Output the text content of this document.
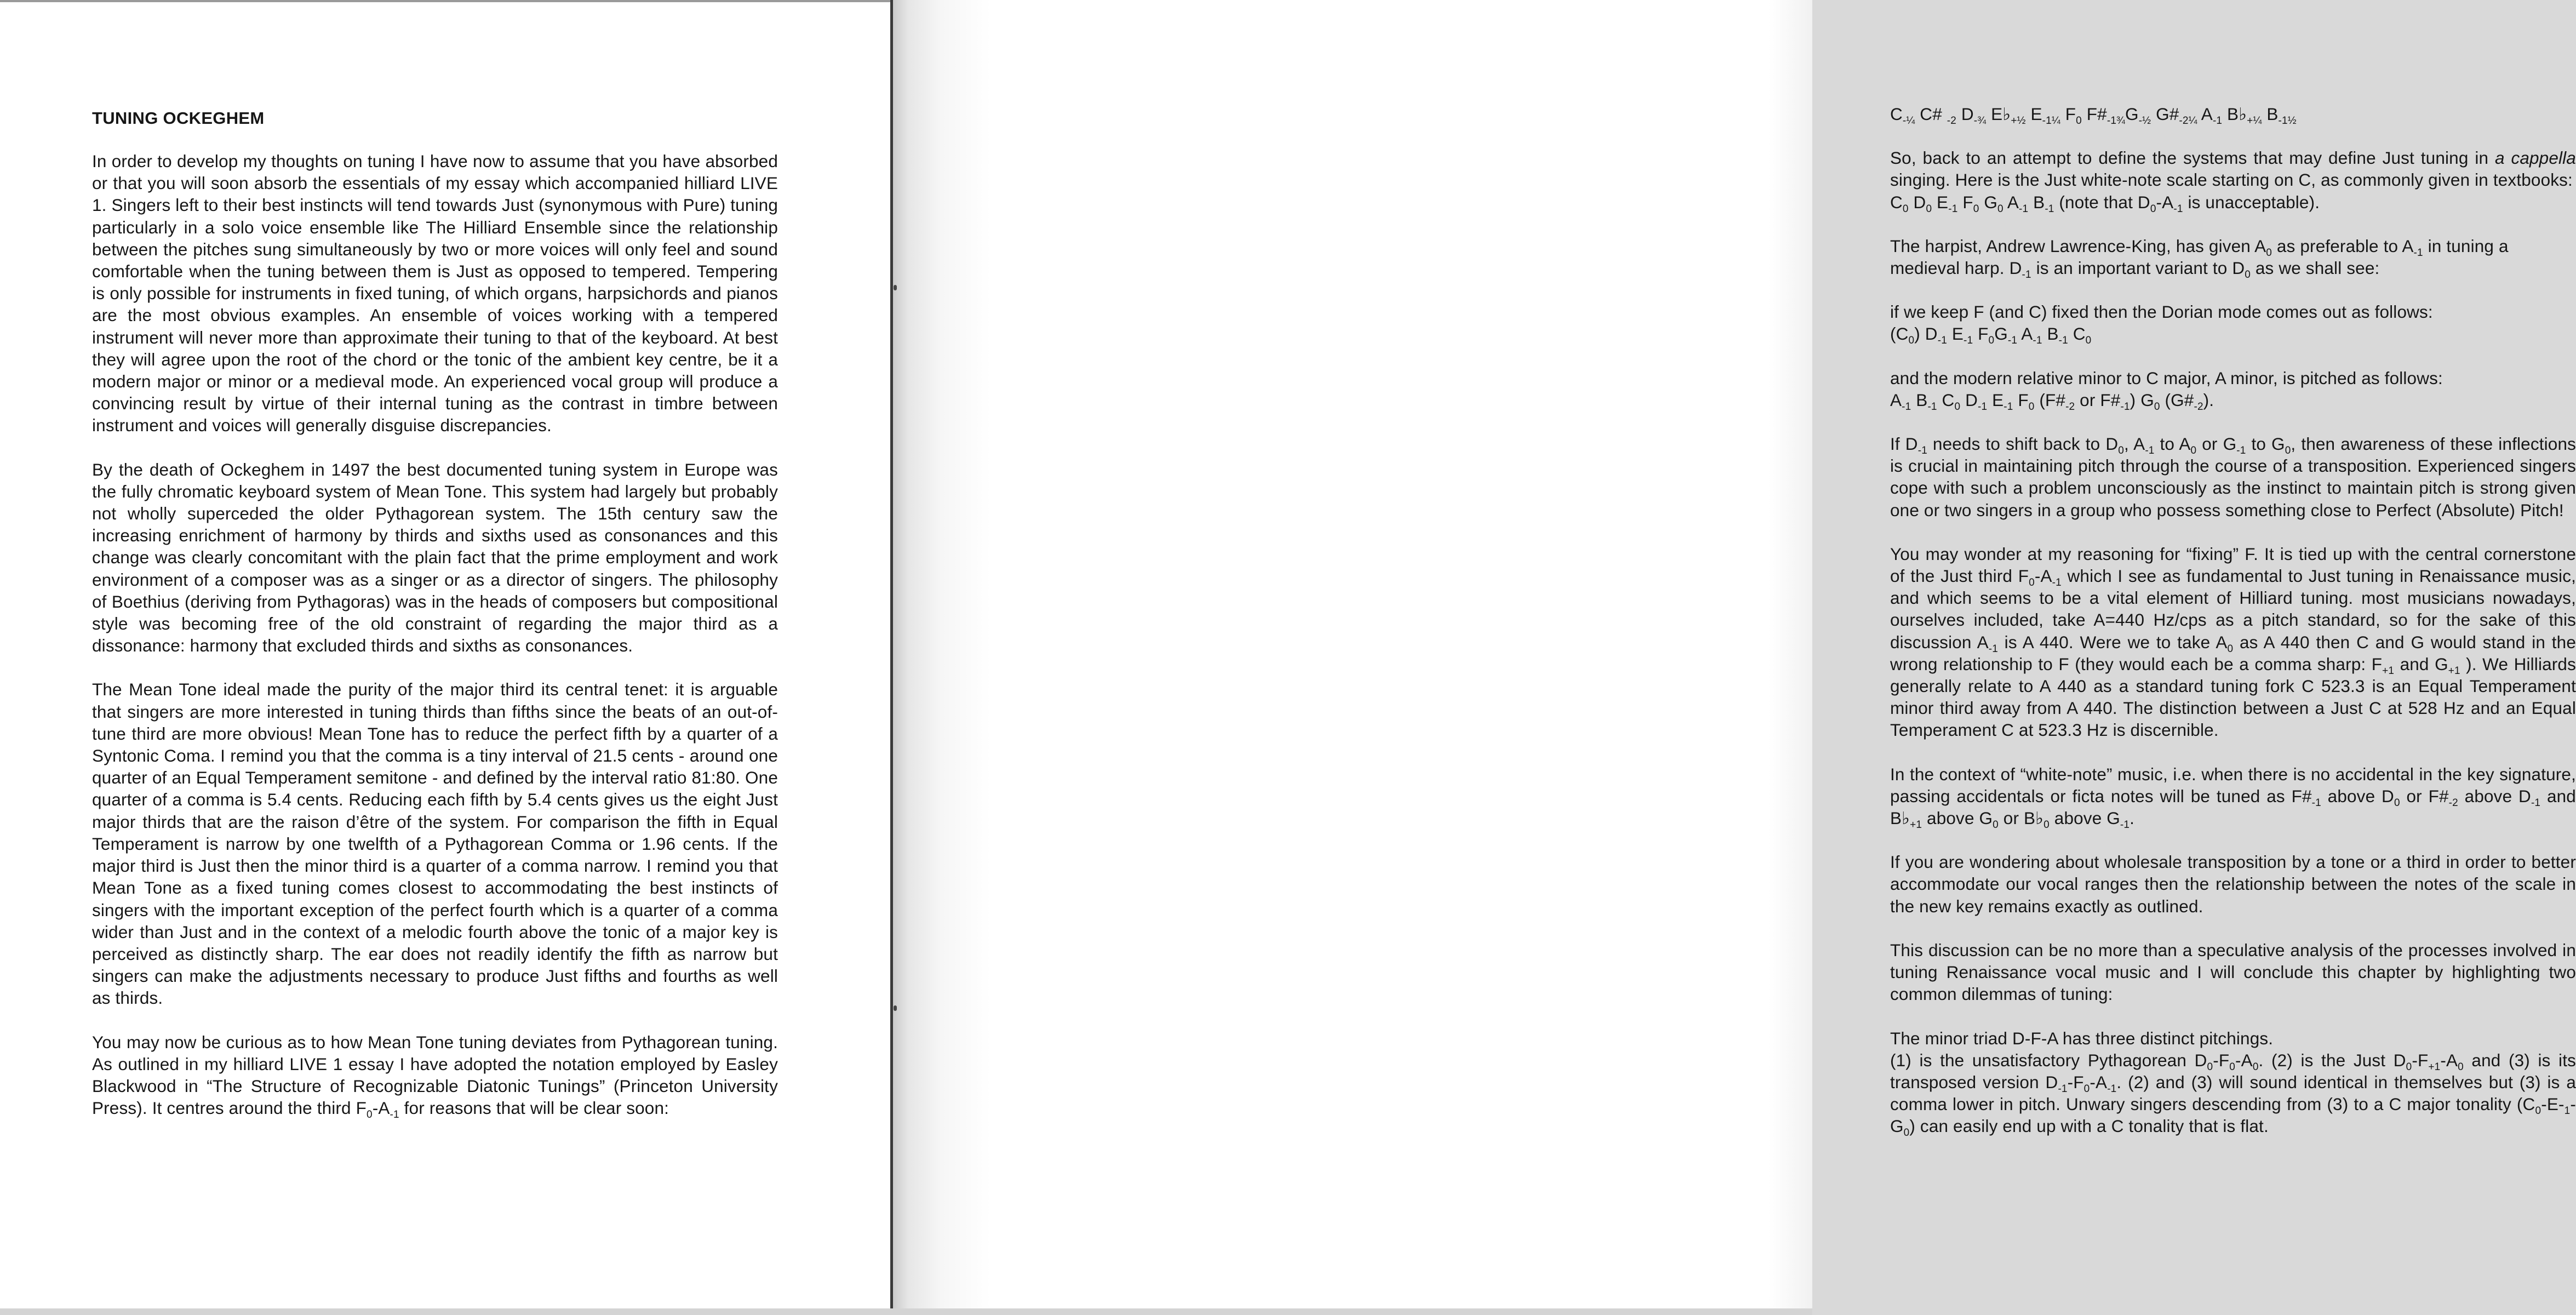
TUNING OCKEGHEM
In order to develop my thoughts on tuning I have now to assume that you have absorbed or that you will soon absorb the essentials of my essay which accompanied hilliard LIVE 1. Singers left to their best instincts will tend towards Just (synonymous with Pure) tuning particularly in a solo voice ensemble like The Hilliard Ensemble since the relationship between the pitches sung simultaneously by two or more voices will only feel and sound comfortable when the tuning between them is Just as opposed to tempered. Tempering is only possible for instruments in fixed tuning, of which organs, harpsichords and pianos are the most obvious examples. An ensemble of voices working with a tempered instrument will never more than approximate their tuning to that of the keyboard. At best they will agree upon the root of the chord or the tonic of the ambient key centre, be it a modern major or minor or a medieval mode. An experienced vocal group will produce a convincing result by virtue of their internal tuning as the contrast in timbre between instrument and voices will generally disguise discrepancies.
By the death of Ockeghem in 1497 the best documented tuning system in Europe was the fully chromatic keyboard system of Mean Tone. This system had largely but probably not wholly superceded the older Pythagorean system. The 15th century saw the increasing enrichment of harmony by thirds and sixths used as consonances and this change was clearly concomitant with the plain fact that the prime employment and work environment of a composer was as a singer or as a director of singers. The philosophy of Boethius (deriving from Pythagoras) was in the heads of composers but compositional style was becoming free of the old constraint of regarding the major third as a dissonance: harmony that excluded thirds and sixths as consonances.
The Mean Tone ideal made the purity of the major third its central tenet: it is arguable that singers are more interested in tuning thirds than fifths since the beats of an out-of-tune third are more obvious! Mean Tone has to reduce the perfect fifth by a quarter of a Syntonic Coma. I remind you that the comma is a tiny interval of 21.5 cents - around one quarter of an Equal Temperament semitone - and defined by the interval ratio 81:80. One quarter of a comma is 5.4 cents. Reducing each fifth by 5.4 cents gives us the eight Just major thirds that are the raison d’être of the system. For comparison the fifth in Equal Temperament is narrow by one twelfth of a Pythagorean Comma or 1.96 cents. If the major third is Just then the minor third is a quarter of a comma narrow. I remind you that Mean Tone as a fixed tuning comes closest to accommodating the best instincts of singers with the important exception of the perfect fourth which is a quarter of a comma wider than Just and in the context of a melodic fourth above the tonic of a major key is perceived as distinctly sharp. The ear does not readily identify the fifth as narrow but singers can make the adjustments necessary to produce Just fifths and fourths as well as thirds.
You may now be curious as to how Mean Tone tuning deviates from Pythagorean tuning. As outlined in my hilliard LIVE 1 essay I have adopted the notation employed by Easley Blackwood in “The Structure of Recognizable Diatonic Tunings” (Princeton University Press). It centres around the third $F_0-A_{-1}$ for reasons that will be clear soon:
$C_{-\frac{1}{4}}$ C# $_{-2}$ $D_{-\frac{3}{4}}$ $E♭_{+\frac{1}{2}}$ $E_{-1\frac{1}{4}}$ $F_0$ $F\#_{-1\frac{3}{4}}G_{-\frac{1}{2}}$ $G\#_{-2\frac{1}{4}}$ $A_{-1}$ $B♭_{+\frac{1}{4}}$ $B_{-1\frac{1}{2}}$
So, back to an attempt to define the systems that may define Just tuning in a cappella singing. Here is the Just white-note scale starting on C, as commonly given in textbooks:
$C_0$ $D_0$ $E_{-1}$ $F_0$ $G_0$ $A_{-1}$ $B_{-1}$ (note that $D_0-A_{-1}$ is unacceptable).
The harpist, Andrew Lawrence-King, has given $A_0$ as preferable to $A_{-1}$ in tuning a medieval harp. $D_{-1}$ is an important variant to $D_0$ as we shall see:
if we keep F (and C) fixed then the Dorian mode comes out as follows:
$(C_0)$ $D_{-1}$ $E_{-1}$ $F_0G_{-1}$ $A_{-1}$ $B_{-1}$ $C_0$
and the modern relative minor to C major, A minor, is pitched as follows:
$A_{-1}$ $B_{-1}$ $C_0$ $D_{-1}$ $E_{-1}$ $F_0$ ($F\#_{-2}$ or $F\#_{-1}$) $G_0$ $(G\#_{-2})$.
If $D_{-1}$ needs to shift back to $D_0$, $A_{-1}$ to $A_0$ or $G_{-1}$ to $G_0$, then awareness of these inflections is crucial in maintaining pitch through the course of a transposition. Experienced singers cope with such a problem unconsciously as the instinct to maintain pitch is strong given one or two singers in a group who possess something close to Perfect (Absolute) Pitch!
You may wonder at my reasoning for “fixing” F. It is tied up with the central cornerstone of the Just third $F_0-A_{-1}$ which I see as fundamental to Just tuning in Renaissance music, and which seems to be a vital element of Hilliard tuning. most musicians nowadays, ourselves included, take A=440 Hz/cps as a pitch standard, so for the sake of this discussion $A_{-1}$ is A 440. Were we to take $A_0$ as A 440 then C and G would stand in the wrong relationship to F (they would each be a comma sharp: $F_{+1}$ and $G_{+1}$ ). We Hilliards generally relate to A 440 as a standard tuning fork C 523.3 is an Equal Temperament minor third away from A 440. The distinction between a Just C at 528 Hz and an Equal Temperament C at 523.3 Hz is discernible.
In the context of “white-note” music, i.e. when there is no accidental in the key signature, passing accidentals or ficta notes will be tuned as $F\#_{-1}$ above $D_0$ or $F\#_{-2}$ above $D_{-1}$ and $B♭_{+1}$ above $G_0$ or $B♭_0$ above $G_{-1}$.
If you are wondering about wholesale transposition by a tone or a third in order to better accommodate our vocal ranges then the relationship between the notes of the scale in the new key remains exactly as outlined.
This discussion can be no more than a speculative analysis of the processes involved in tuning Renaissance vocal music and I will conclude this chapter by highlighting two common dilemmas of tuning:
The minor triad D-F-A has three distinct pitchings.
(1) is the unsatisfactory Pythagorean $D_0-F_0-A_0$. (2) is the Just $D_0-F_{+1}-A_0$ and (3) is its transposed version $D_{-1}-F_0-A_{-1}$. (2) and (3) will sound identical in themselves but (3) is a comma lower in pitch. Unwary singers descending from (3) to a C major tonality $(C_0-E-_1-G_0)$ can easily end up with a C tonality that is flat.
